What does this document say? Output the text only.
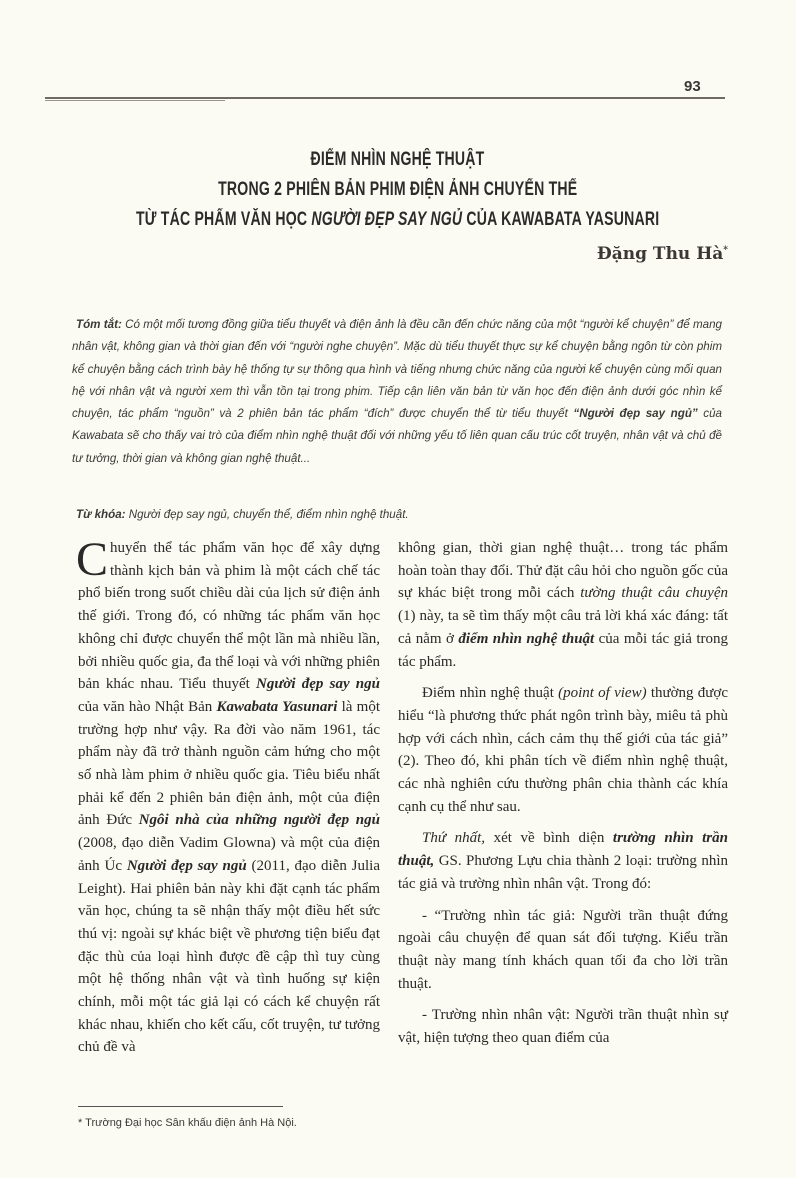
93
ĐIỂM NHÌN NGHỆ THUẬT
TRONG 2 PHIÊN BẢN PHIM ĐIỆN ẢNH CHUYỂN THỂ
TỪ TÁC PHẨM VĂN HỌC NGƯỜI ĐẸP SAY NGỦ CỦA KAWABATA YASUNARI
Đặng Thu Hà*
Tóm tắt: Có một mối tương đồng giữa tiểu thuyết và điện ảnh là đều cần đến chức năng của một “người kể chuyện” để mang nhân vật, không gian và thời gian đến với “người nghe chuyện”. Mặc dù tiểu thuyết thực sự kể chuyện bằng ngôn từ còn phim kể chuyện bằng cách trình bày hệ thống tự sự thông qua hình và tiếng nhưng chức năng của người kể chuyện cùng mối quan hệ với nhân vật và người xem thì vẫn tồn tại trong phim. Tiếp cận liên văn bản từ văn học đến điện ảnh dưới góc nhìn kể chuyện, tác phẩm “nguồn” và 2 phiên bản tác phẩm “đích” được chuyển thể từ tiểu thuyết “Người đẹp say ngủ” của Kawabata sẽ cho thấy vai trò của điểm nhìn nghệ thuật đối với những yếu tố liên quan cấu trúc cốt truyện, nhân vật và chủ đề tư tưởng, thời gian và không gian nghệ thuật...
Từ khóa: Người đẹp say ngủ, chuyển thể, điểm nhìn nghệ thuật.

Chuyển thể tác phẩm văn học để xây dựng thành kịch bản và phim là một cách chế tác phổ biến trong suốt chiều dài của lịch sử điện ảnh thế giới. Trong đó, có những tác phẩm văn học không chỉ được chuyển thể một lần mà nhiều lần, bởi nhiều quốc gia, đa thể loại và với những phiên bản khác nhau. Tiểu thuyết Người đẹp say ngủ của văn hào Nhật Bản Kawabata Yasunari là một trường hợp như vậy. Ra đời vào năm 1961, tác phẩm này đã trở thành nguồn cảm hứng cho một số nhà làm phim ở nhiều quốc gia. Tiêu biểu nhất phải kể đến 2 phiên bản điện ảnh, một của điện ảnh Đức Ngôi nhà của những người đẹp ngủ (2008, đạo diễn Vadim Glowna) và một của điện ảnh Úc Người đẹp say ngủ (2011, đạo diễn Julia Leight). Hai phiên bản này khi đặt cạnh tác phẩm văn học, chúng ta sẽ nhận thấy một điều hết sức thú vị: ngoài sự khác biệt về phương tiện biểu đạt đặc thù của loại hình được đề cập thì tuy cùng một hệ thống nhân vật và tình huống sự kiện chính, mỗi một tác giả lại có cách kể chuyện rất khác nhau, khiến cho kết cấu, cốt truyện, tư tưởng chủ đề và

không gian, thời gian nghệ thuật… trong tác phẩm hoàn toàn thay đổi. Thử đặt câu hỏi cho nguồn gốc của sự khác biệt trong mỗi cách tường thuật câu chuyện (1) này, ta sẽ tìm thấy một câu trả lời khá xác đáng: tất cả nằm ở điểm nhìn nghệ thuật của mỗi tác giả trong tác phẩm.

Điểm nhìn nghệ thuật (point of view) thường được hiểu “là phương thức phát ngôn trình bày, miêu tả phù hợp với cách nhìn, cách cảm thụ thế giới của tác giả” (2). Theo đó, khi phân tích về điểm nhìn nghệ thuật, các nhà nghiên cứu thường phân chia thành các khía cạnh cụ thể như sau.

Thứ nhất, xét về bình diện trường nhìn trần thuật, GS. Phương Lựu chia thành 2 loại: trường nhìn tác giả và trường nhìn nhân vật. Trong đó:

- “Trường nhìn tác giả: Người trần thuật đứng ngoài câu chuyện để quan sát đối tượng. Kiểu trần thuật này mang tính khách quan tối đa cho lời trần thuật.

- Trường nhìn nhân vật: Người trần thuật nhìn sự vật, hiện tượng theo quan điểm của

* Trường Đại học Sân khấu điện ảnh Hà Nội.
